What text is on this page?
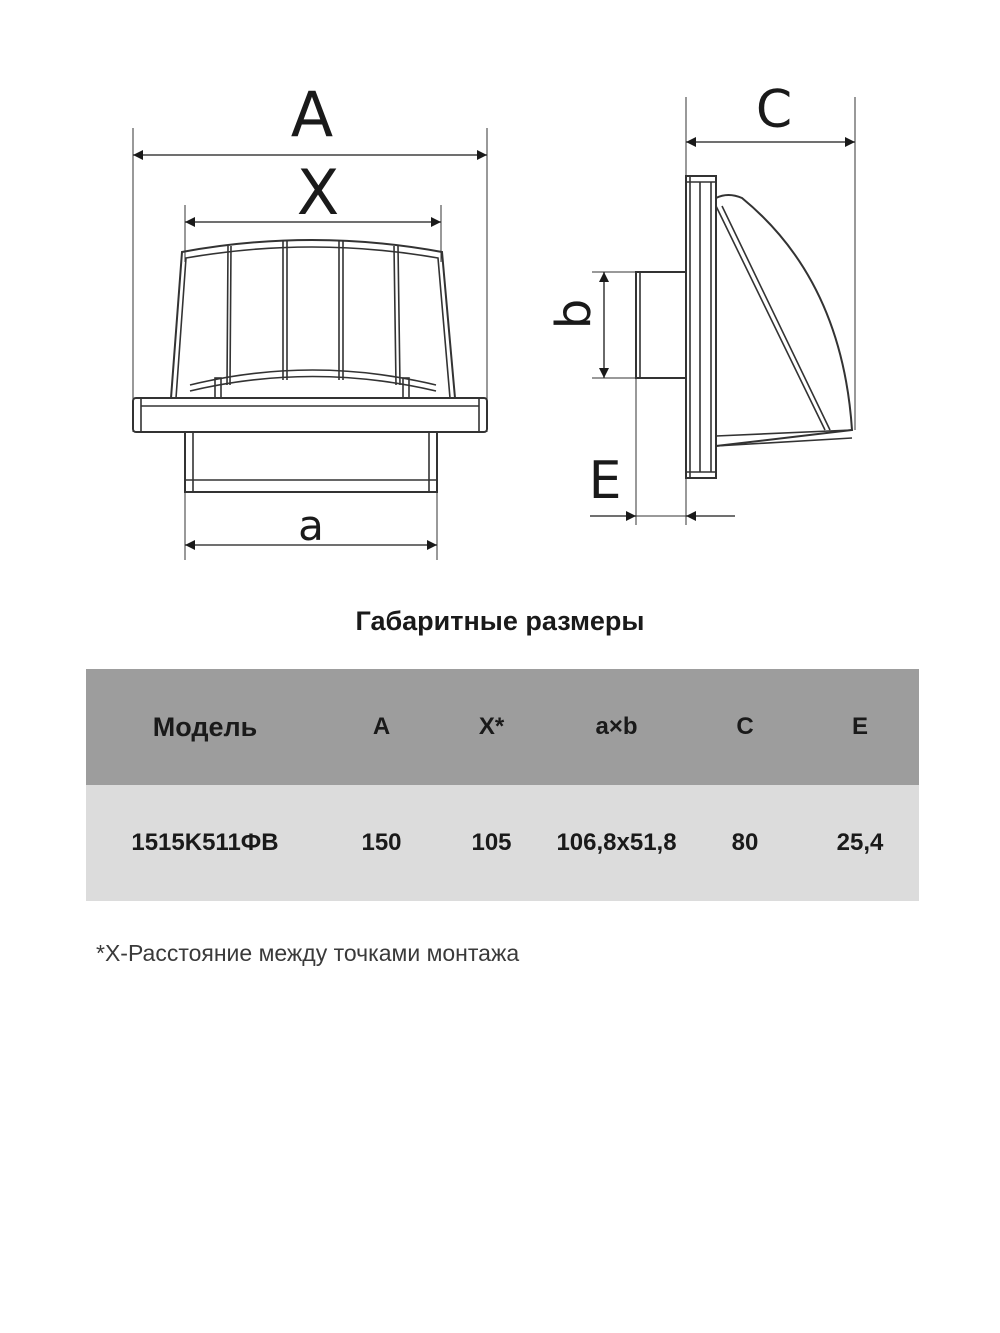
A
X
a
C
b
E
Габаритные размеры
Модель	A	X*	a×b	C	E
1515K511ФВ	150	105	106,8x51,8	80	25,4
*X-Расстояние между точками монтажа
